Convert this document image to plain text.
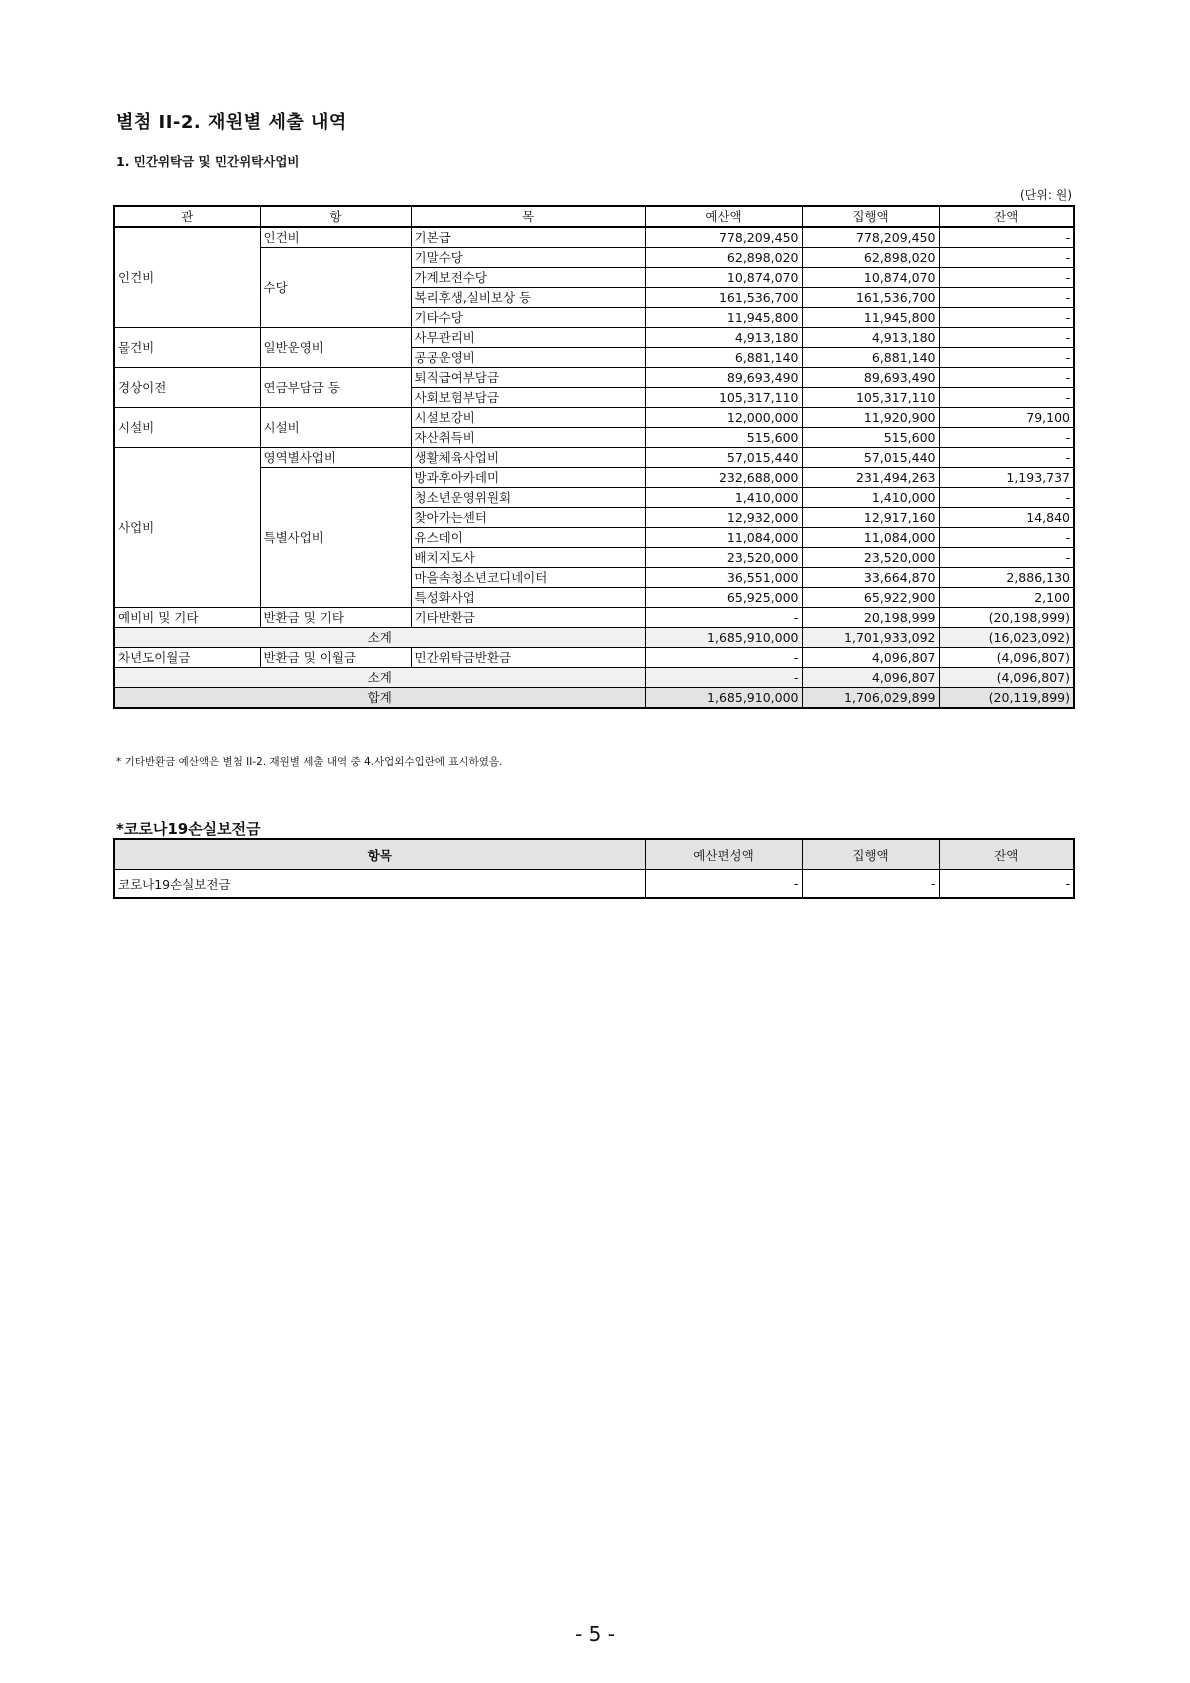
별첨 II-2. 재원별 세출 내역
1. 민간위탁금 및 민간위탁사업비
(단위: 원)
관	항	목	예산액	집행액	잔액
인건비	인건비	기본급	778,209,450	778,209,450	-
	수당	기말수당	62,898,020	62,898,020	-
		가계보전수당	10,874,070	10,874,070	-
		복리후생,실비보상 등	161,536,700	161,536,700	-
		기타수당	11,945,800	11,945,800	-
물건비	일반운영비	사무관리비	4,913,180	4,913,180	-
		공공운영비	6,881,140	6,881,140	-
경상이전	연금부담금 등	퇴직급여부담금	89,693,490	89,693,490	-
		사회보험부담금	105,317,110	105,317,110	-
시설비	시설비	시설보강비	12,000,000	11,920,900	79,100
		자산취득비	515,600	515,600	-
사업비	영역별사업비	생활체육사업비	57,015,440	57,015,440	-
	특별사업비	방과후아카데미	232,688,000	231,494,263	1,193,737
		청소년운영위원회	1,410,000	1,410,000	-
		찾아가는센터	12,932,000	12,917,160	14,840
		유스데이	11,084,000	11,084,000	-
		배치지도사	23,520,000	23,520,000	-
		마을속청소년코디네이터	36,551,000	33,664,870	2,886,130
		특성화사업	65,925,000	65,922,900	2,100
예비비 및 기타	반환금 및 기타	기타반환금	-	20,198,999	(20,198,999)
소계			1,685,910,000	1,701,933,092	(16,023,092)
차년도이월금	반환금 및 이월금	민간위탁금반환금	-	4,096,807	(4,096,807)
소계			-	4,096,807	(4,096,807)
합계			1,685,910,000	1,706,029,899	(20,119,899)
* 기타반환금 예산액은 별첨 II-2. 재원별 세출 내역 중 4.사업외수입란에 표시하였음.
*코로나19손실보전금
항목	예산편성액	집행액	잔액
코로나19손실보전금	-	-	-
- 5 -
